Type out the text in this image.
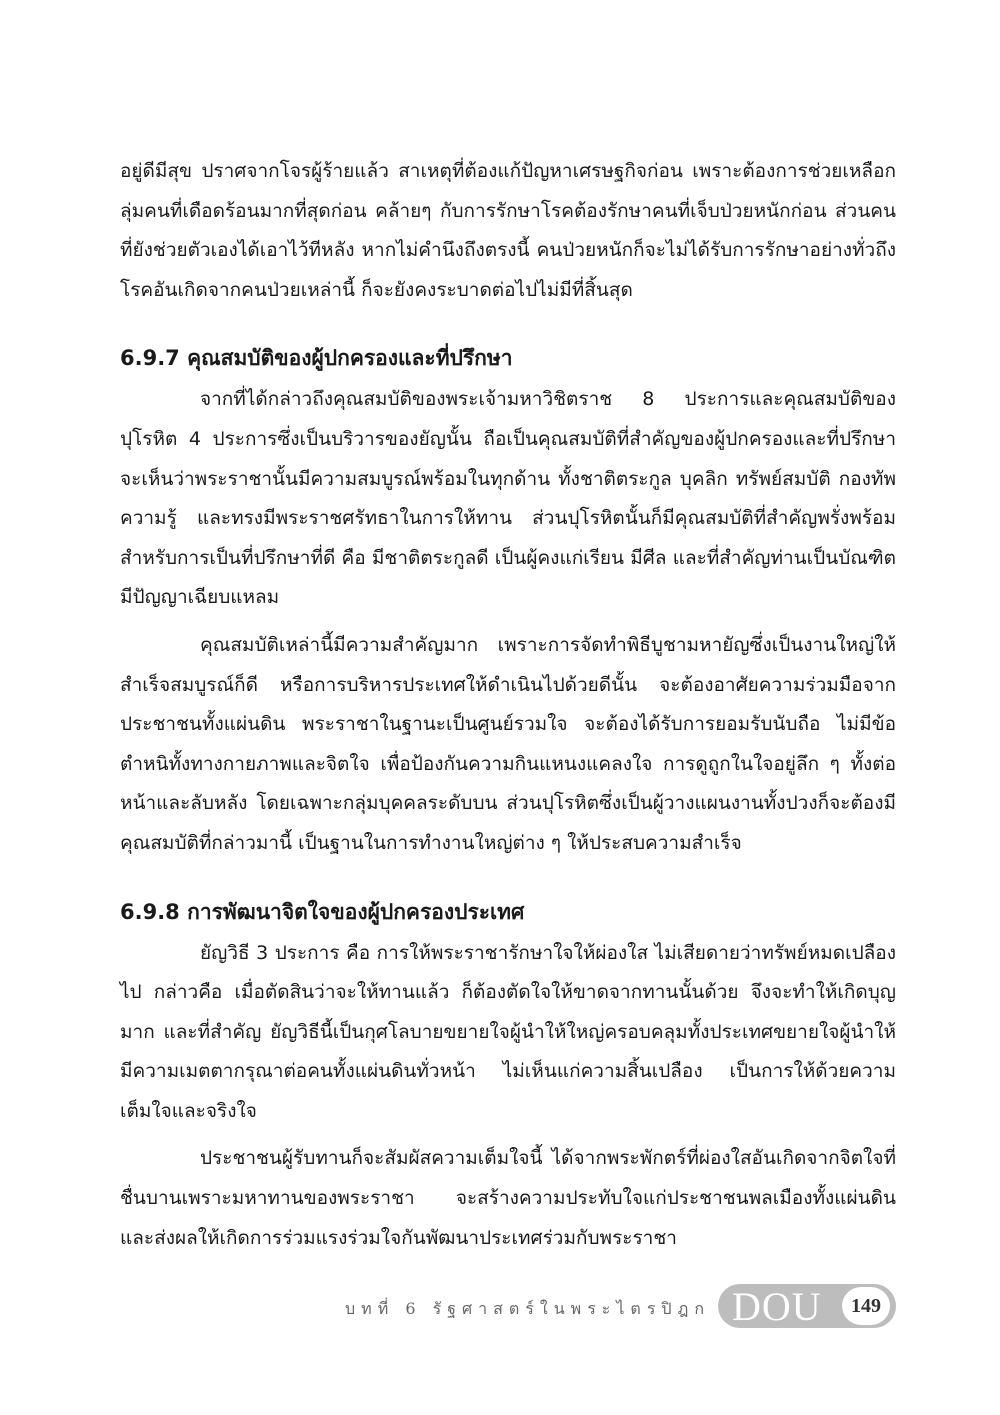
อยู่ดีมีสุข ปราศจากโจรผู้ร้ายแล้ว สาเหตุที่ต้องแก้ปัญหาเศรษฐกิจก่อน เพราะต้องการช่วยเหลือกลุ่มคนที่เดือดร้อนมากที่สุดก่อน คล้ายๆ กับการรักษาโรคต้องรักษาคนที่เจ็บป่วยหนักก่อน ส่วนคนที่ยังช่วยตัวเองได้เอาไว้ทีหลัง หากไม่คำนึงถึงตรงนี้ คนป่วยหนักก็จะไม่ได้รับการรักษาอย่างทั่วถึง โรคอันเกิดจากคนป่วยเหล่านี้ ก็จะยังคงระบาดต่อไปไม่มีที่สิ้นสุด

6.9.7 คุณสมบัติของผู้ปกครองและที่ปรึกษา

จากที่ได้กล่าวถึงคุณสมบัติของพระเจ้ามหาวิชิตราช 8 ประการและคุณสมบัติของปุโรหิต 4 ประการซึ่งเป็นบริวารของยัญนั้น ถือเป็นคุณสมบัติที่สำคัญของผู้ปกครองและที่ปรึกษา จะเห็นว่าพระราชานั้นมีความสมบูรณ์พร้อมในทุกด้าน ทั้งชาติตระกูล บุคลิก ทรัพย์สมบัติ กองทัพ ความรู้ และทรงมีพระราชศรัทธาในการให้ทาน ส่วนปุโรหิตนั้นก็มีคุณสมบัติที่สำคัญพรั่งพร้อมสำหรับการเป็นที่ปรึกษาที่ดี คือ มีชาติตระกูลดี เป็นผู้คงแก่เรียน มีศีล และที่สำคัญท่านเป็นบัณฑิตมีปัญญาเฉียบแหลม

คุณสมบัติเหล่านี้มีความสำคัญมาก เพราะการจัดทำพิธีบูชามหายัญซึ่งเป็นงานใหญ่ให้สำเร็จสมบูรณ์ก็ดี หรือการบริหารประเทศให้ดำเนินไปด้วยดีนั้น จะต้องอาศัยความร่วมมือจากประชาชนทั้งแผ่นดิน พระราชาในฐานะเป็นศูนย์รวมใจ จะต้องได้รับการยอมรับนับถือ ไม่มีข้อตำหนิทั้งทางกายภาพและจิตใจ เพื่อป้องกันความกินแหนงแคลงใจ การดูถูกในใจอยู่ลึก ๆ ทั้งต่อหน้าและลับหลัง โดยเฉพาะกลุ่มบุคคลระดับบน ส่วนปุโรหิตซึ่งเป็นผู้วางแผนงานทั้งปวงก็จะต้องมีคุณสมบัติที่กล่าวมานี้ เป็นฐานในการทำงานใหญ่ต่าง ๆ ให้ประสบความสำเร็จ

6.9.8 การพัฒนาจิตใจของผู้ปกครองประเทศ

ยัญวิธี 3 ประการ คือ การให้พระราชารักษาใจให้ผ่องใส ไม่เสียดายว่าทรัพย์หมดเปลืองไป กล่าวคือ เมื่อตัดสินว่าจะให้ทานแล้ว ก็ต้องตัดใจให้ขาดจากทานนั้นด้วย จึงจะทำให้เกิดบุญมาก และที่สำคัญ ยัญวิธีนี้เป็นกุศโลบายขยายใจผู้นำให้ใหญ่ครอบคลุมทั้งประเทศขยายใจผู้นำให้มีความเมตตากรุณาต่อคนทั้งแผ่นดินทั่วหน้า ไม่เห็นแก่ความสิ้นเปลือง เป็นการให้ด้วยความเต็มใจและจริงใจ

ประชาชนผู้รับทานก็จะสัมผัสความเต็มใจนี้ ได้จากพระพักตร์ที่ผ่องใสอันเกิดจากจิตใจที่ชื่นบานเพราะมหาทานของพระราชา จะสร้างความประทับใจแก่ประชาชนพลเมืองทั้งแผ่นดิน และส่งผลให้เกิดการร่วมแรงร่วมใจกันพัฒนาประเทศร่วมกับพระราชา

บทที่ 6 รัฐศาสตร์ในพระไตรปิฎก DOU	149
